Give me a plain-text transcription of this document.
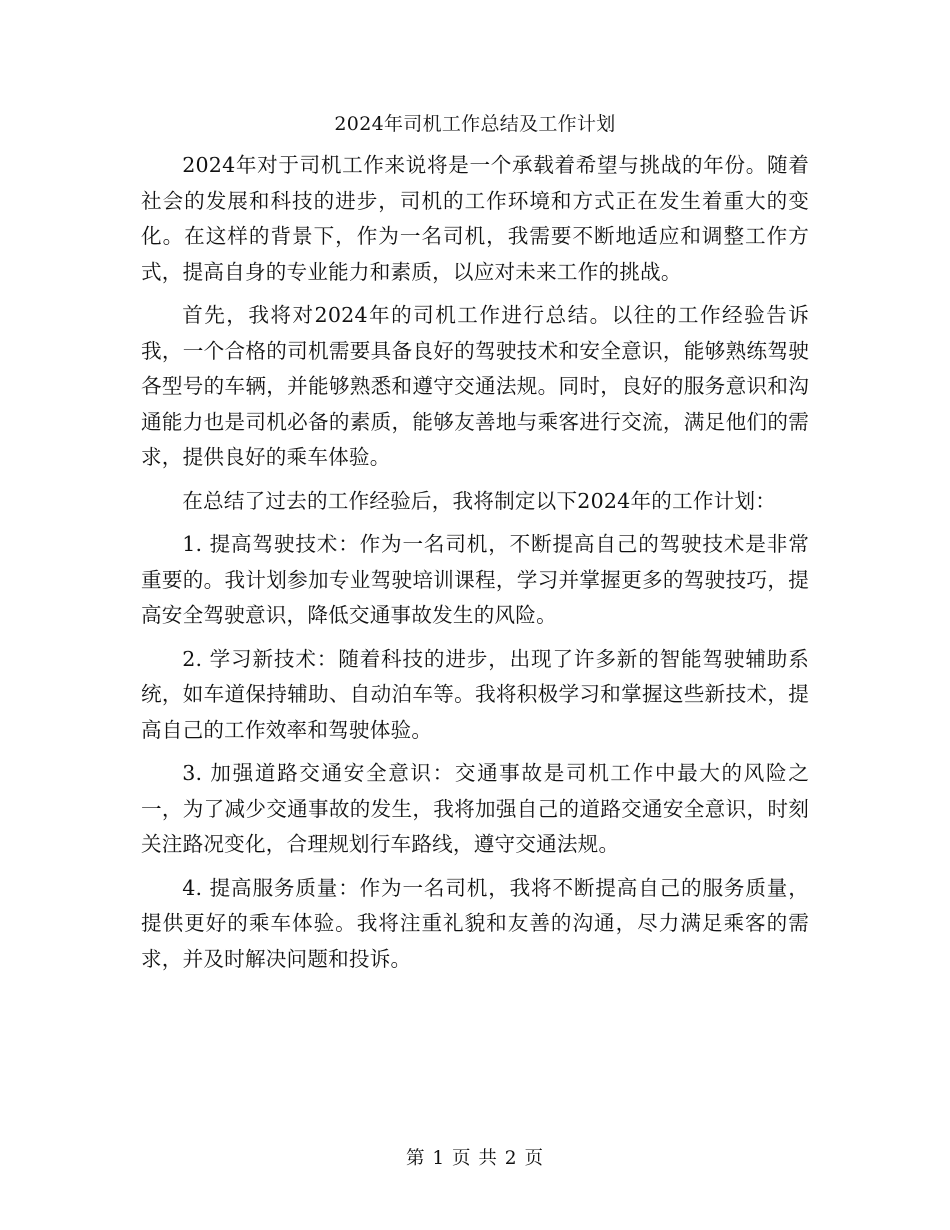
2024年司机工作总结及工作计划

2024年对于司机工作来说将是一个承载着希望与挑战的年份。随着社会的发展和科技的进步，司机的工作环境和方式正在发生着重大的变化。在这样的背景下，作为一名司机，我需要不断地适应和调整工作方式，提高自身的专业能力和素质，以应对未来工作的挑战。

首先，我将对2024年的司机工作进行总结。以往的工作经验告诉我，一个合格的司机需要具备良好的驾驶技术和安全意识，能够熟练驾驶各型号的车辆，并能够熟悉和遵守交通法规。同时，良好的服务意识和沟通能力也是司机必备的素质，能够友善地与乘客进行交流，满足他们的需求，提供良好的乘车体验。

在总结了过去的工作经验后，我将制定以下2024年的工作计划：

1. 提高驾驶技术：作为一名司机，不断提高自己的驾驶技术是非常重要的。我计划参加专业驾驶培训课程，学习并掌握更多的驾驶技巧，提高安全驾驶意识，降低交通事故发生的风险。

2. 学习新技术：随着科技的进步，出现了许多新的智能驾驶辅助系统，如车道保持辅助、自动泊车等。我将积极学习和掌握这些新技术，提高自己的工作效率和驾驶体验。

3. 加强道路交通安全意识：交通事故是司机工作中最大的风险之一，为了减少交通事故的发生，我将加强自己的道路交通安全意识，时刻关注路况变化，合理规划行车路线，遵守交通法规。

4. 提高服务质量：作为一名司机，我将不断提高自己的服务质量，提供更好的乘车体验。我将注重礼貌和友善的沟通，尽力满足乘客的需求，并及时解决问题和投诉。

第 1 页 共 2 页
